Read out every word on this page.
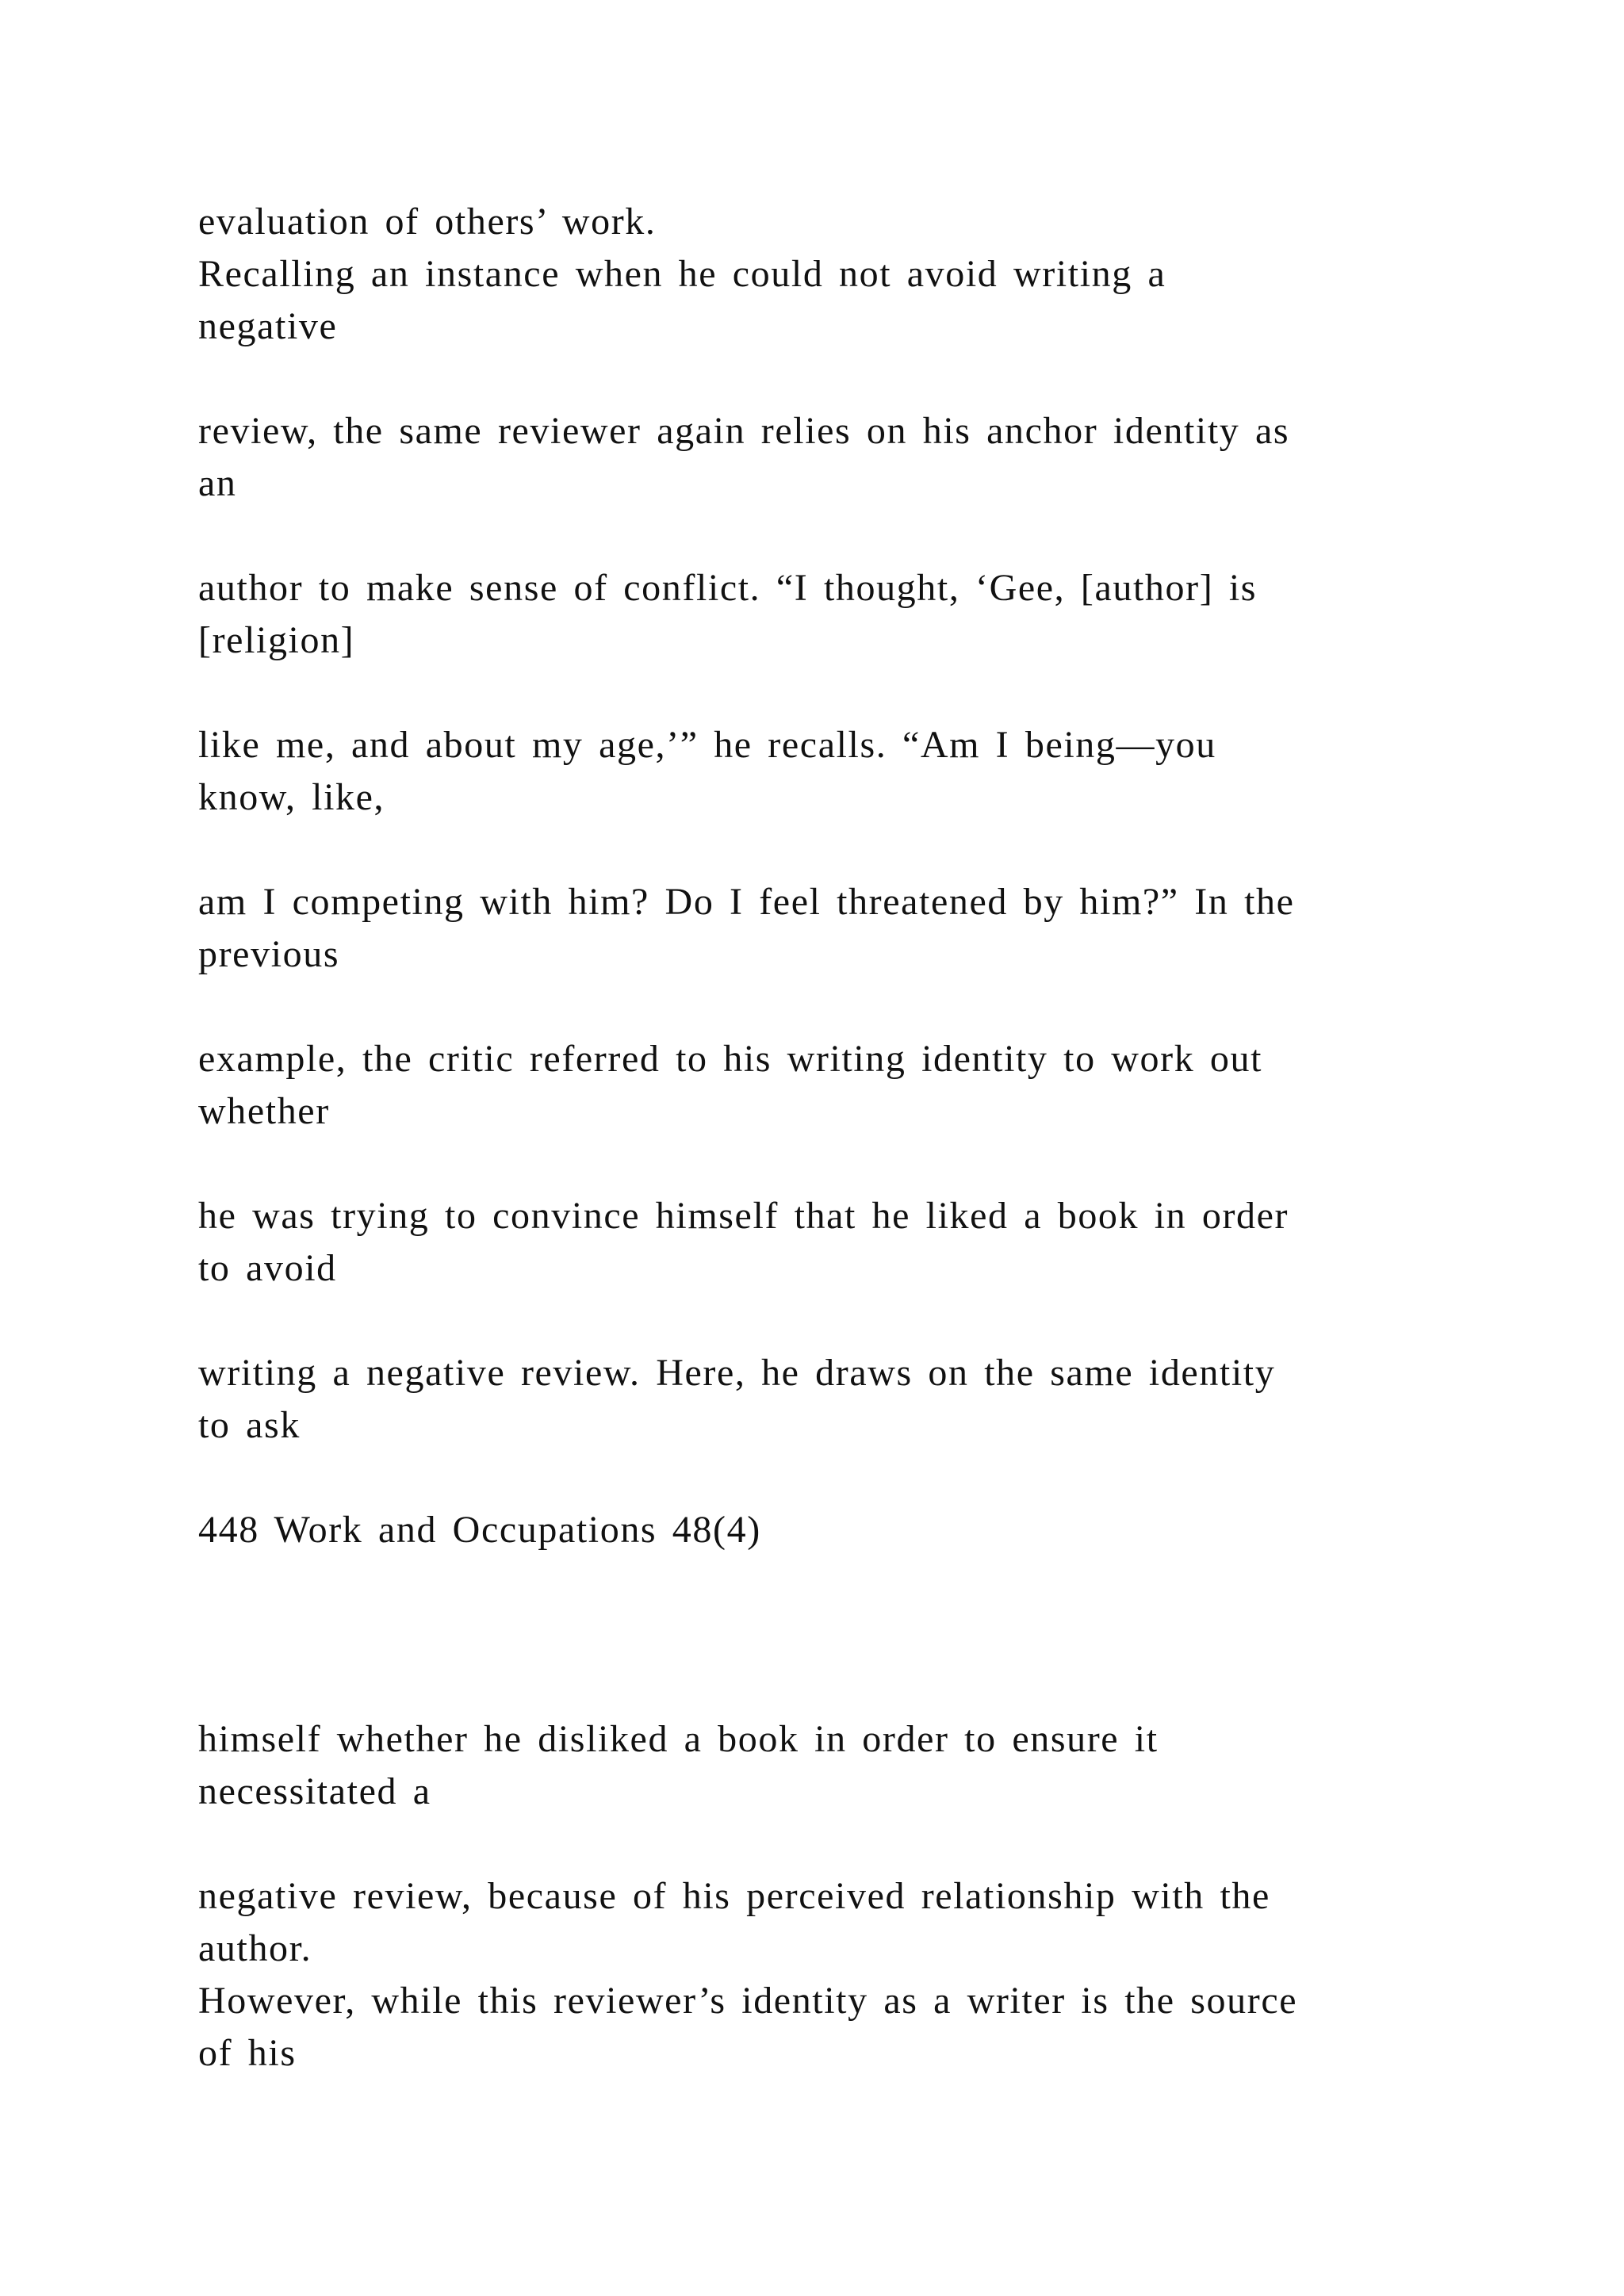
evaluation of others’ work.

Recalling an instance when he could not avoid writing a

negative

review, the same reviewer again relies on his anchor identity as

an

author to make sense of conflict. “I thought, ‘Gee, [author] is

[religion]

like me, and about my age,’” he recalls. “Am I being—you

know, like,

am I competing with him? Do I feel threatened by him?” In the

previous

example, the critic referred to his writing identity to work out

whether

he was trying to convince himself that he liked a book in order

to avoid

writing a negative review. Here, he draws on the same identity

to ask

448 Work and Occupations 48(4)

himself whether he disliked a book in order to ensure it

necessitated a

negative review, because of his perceived relationship with the

author.

However, while this reviewer’s identity as a writer is the source

of his
